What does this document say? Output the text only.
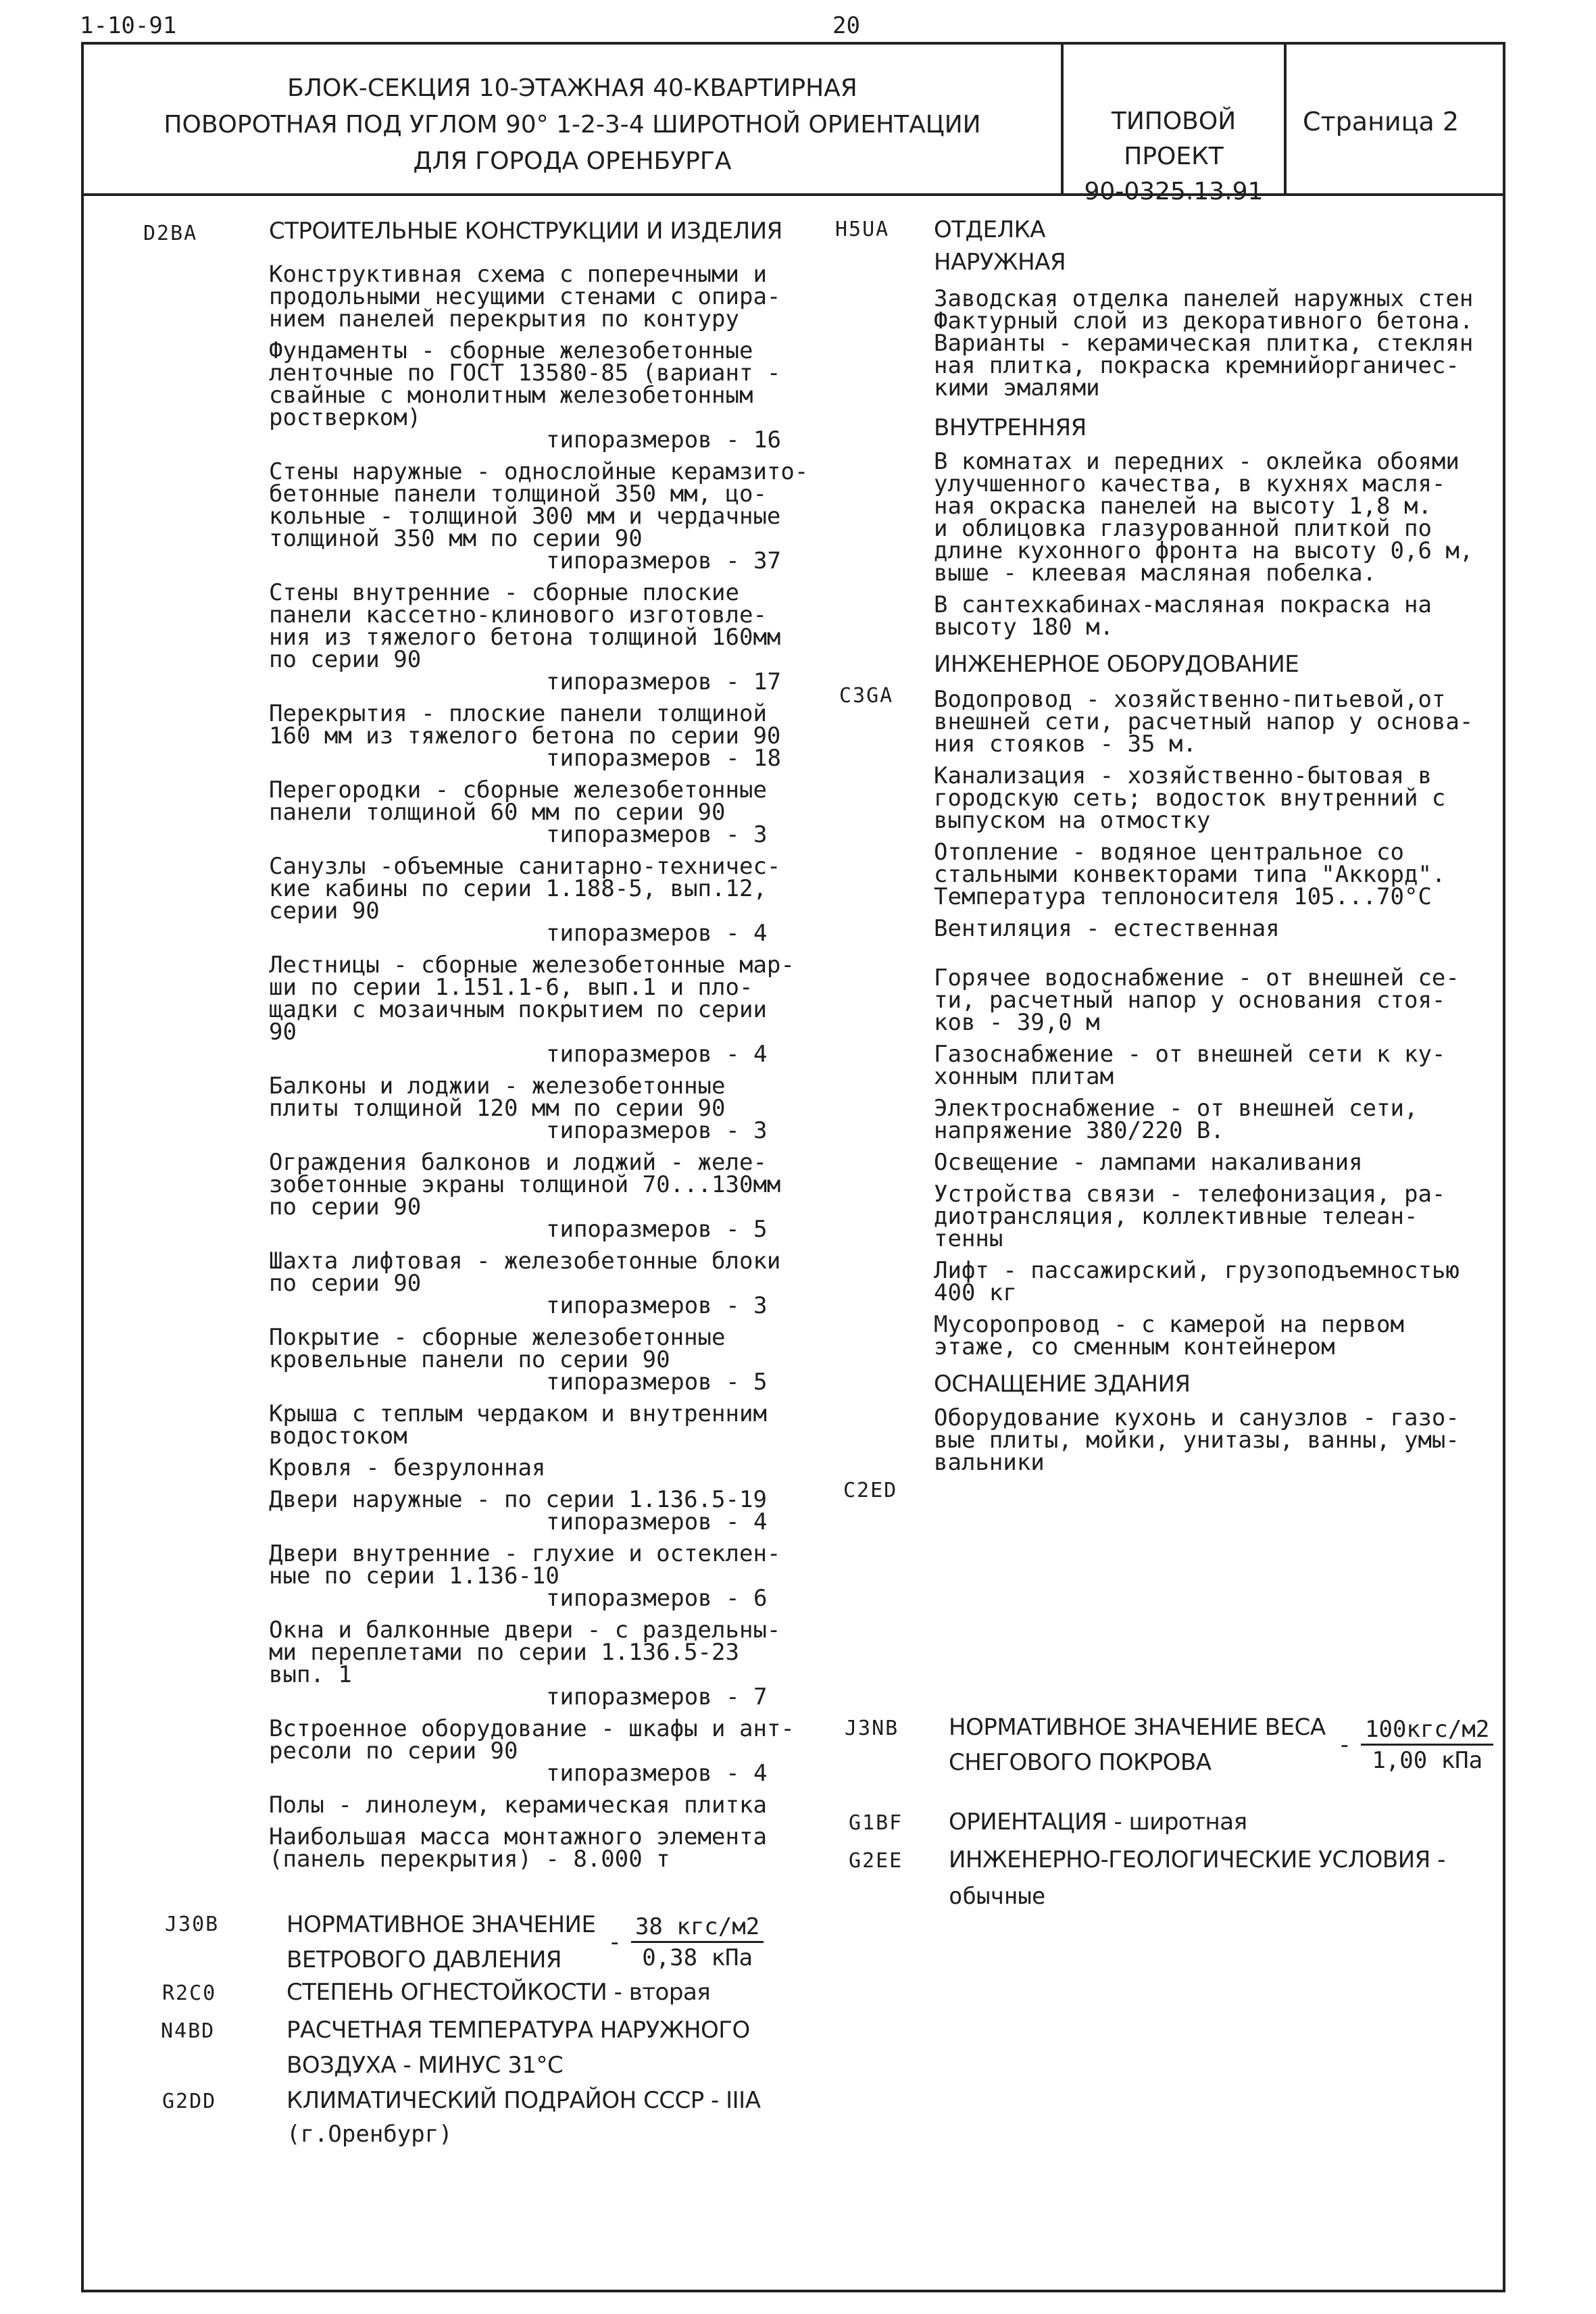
1-10-91	20
БЛОК-СЕКЦИЯ 10-ЭТАЖНАЯ 40-КВАРТИРНАЯ
ПОВОРОТНАЯ ПОД УГЛОМ 90° 1-2-3-4 ШИРОТНОЙ ОРИЕНТАЦИИ
ДЛЯ ГОРОДА ОРЕНБУРГА
ТИПОВОЙ ПРОЕКТ
90-0325.13.91
Страница 2
D2BA	H5UA
C3GA
C2ED
J3NB
G1BF
G2EE
J30B
R2C0
N4BD
G2DD
СТРОИТЕЛЬНЫЕ КОНСТРУКЦИИ И ИЗДЕЛИЯ
Конструктивная схема с поперечными и
продольными несущими стенами с опира-
нием панелей перекрытия по контуру
Фундаменты - сборные железобетонные
ленточные по ГОСТ 13580-85 (вариант -
свайные с монолитным железобетонным
ростверком)
типоразмеров - 16
Стены наружные - однослойные керамзито-
бетонные панели толщиной 350 мм, цо-
кольные - толщиной 300 мм и чердачные
толщиной 350 мм по серии 90
типоразмеров - 37
Стены внутренние - сборные плоские
панели кассетно-клинового изготовле-
ния из тяжелого бетона толщиной 160мм
по серии 90
типоразмеров - 17
Перекрытия - плоские панели толщиной
160 мм из тяжелого бетона по серии 90
типоразмеров - 18
Перегородки - сборные железобетонные
панели толщиной 60 мм по серии 90
типоразмеров - 3
Санузлы -объемные санитарно-техничес-
кие кабины по серии 1.188-5, вып.12,
серии 90
типоразмеров - 4
Лестницы - сборные железобетонные мар-
ши по серии 1.151.1-6, вып.1 и пло-
щадки с мозаичным покрытием по серии
90
типоразмеров - 4
Балконы и лоджии - железобетонные
плиты толщиной 120 мм по серии 90
типоразмеров - 3
Ограждения балконов и лоджий - желе-
зобетонные экраны толщиной 70...130мм
по серии 90
типоразмеров - 5
Шахта лифтовая - железобетонные блоки
по серии 90
типоразмеров - 3
Покрытие - сборные железобетонные
кровельные панели по серии 90
типоразмеров - 5
Крыша с теплым чердаком и внутренним
водостоком
Кровля - безрулонная
Двери наружные - по серии 1.136.5-19
типоразмеров - 4
Двери внутренние - глухие и остеклен-
ные по серии 1.136-10
типоразмеров - 6
Окна и балконные двери - с раздельны-
ми переплетами по серии 1.136.5-23
вып. 1
типоразмеров - 7
Встроенное оборудование - шкафы и ант-
ресоли по серии 90
типоразмеров - 4
Полы - линолеум, керамическая плитка
Наибольшая масса монтажного элемента
(панель перекрытия) - 8.000 т
ОТДЕЛКА
НАРУЖНАЯ
Заводская отделка панелей наружных стен
Фактурный слой из декоративного бетона.
Варианты - керамическая плитка, стеклян
ная плитка, покраска кремнийорганичес-
кими эмалями
ВНУТРЕННЯЯ
В комнатах и передних - оклейка обоями
улучшенного качества, в кухнях масля-
ная окраска панелей на высоту 1,8 м.
и облицовка глазурованной плиткой по
длине кухонного фронта на высоту 0,6 м,
выше - клеевая масляная побелка.
В сантехкабинах-масляная покраска на
высоту 180 м.
ИНЖЕНЕРНОЕ ОБОРУДОВАНИЕ
Водопровод - хозяйственно-питьевой,от
внешней сети, расчетный напор у основа-
ния стояков - 35 м.
Канализация - хозяйственно-бытовая в
городскую сеть; водосток внутренний с
выпуском на отмостку
Отопление - водяное центральное со
стальными конвекторами типа "Аккорд".
Температура теплоносителя 105...70°С
Вентиляция - естественная
Горячее водоснабжение - от внешней се-
ти, расчетный напор у основания стоя-
ков - 39,0 м
Газоснабжение - от внешней сети к ку-
хонным плитам
Электроснабжение - от внешней сети,
напряжение 380/220 В.
Освещение - лампами накаливания
Устройства связи - телефонизация, ра-
диотрансляция, коллективные телеан-
тенны
Лифт - пассажирский, грузоподъемностью
400 кг
Мусоропровод - с камерой на первом
этаже, со сменным контейнером
ОСНАЩЕНИЕ ЗДАНИЯ
Оборудование кухонь и санузлов - газо-
вые плиты, мойки, унитазы, ванны, умы-
вальники
НОРМАТИВНОЕ ЗНАЧЕНИЕ ВЕСА
СНЕГОВОГО ПОКРОВА
- $\frac{\text{100кгс/м2}}{\text{1,00 кПа}}$
ОРИЕНТАЦИЯ - широтная
ИНЖЕНЕРНО-ГЕОЛОГИЧЕСКИЕ УСЛОВИЯ -
обычные
НОРМАТИВНОЕ ЗНАЧЕНИЕ
ВЕТРОВОГО ДАВЛЕНИЯ
- $\frac{\text{38 кгс/м2}}{\text{0,38 кПа}}$
СТЕПЕНЬ ОГНЕСТОЙКОСТИ - вторая
РАСЧЕТНАЯ ТЕМПЕРАТУРА НАРУЖНОГО
ВОЗДУХА - МИНУС 31°С
КЛИМАТИЧЕСКИЙ ПОДРАЙОН СССР - IIIА
(г.Оренбург)
